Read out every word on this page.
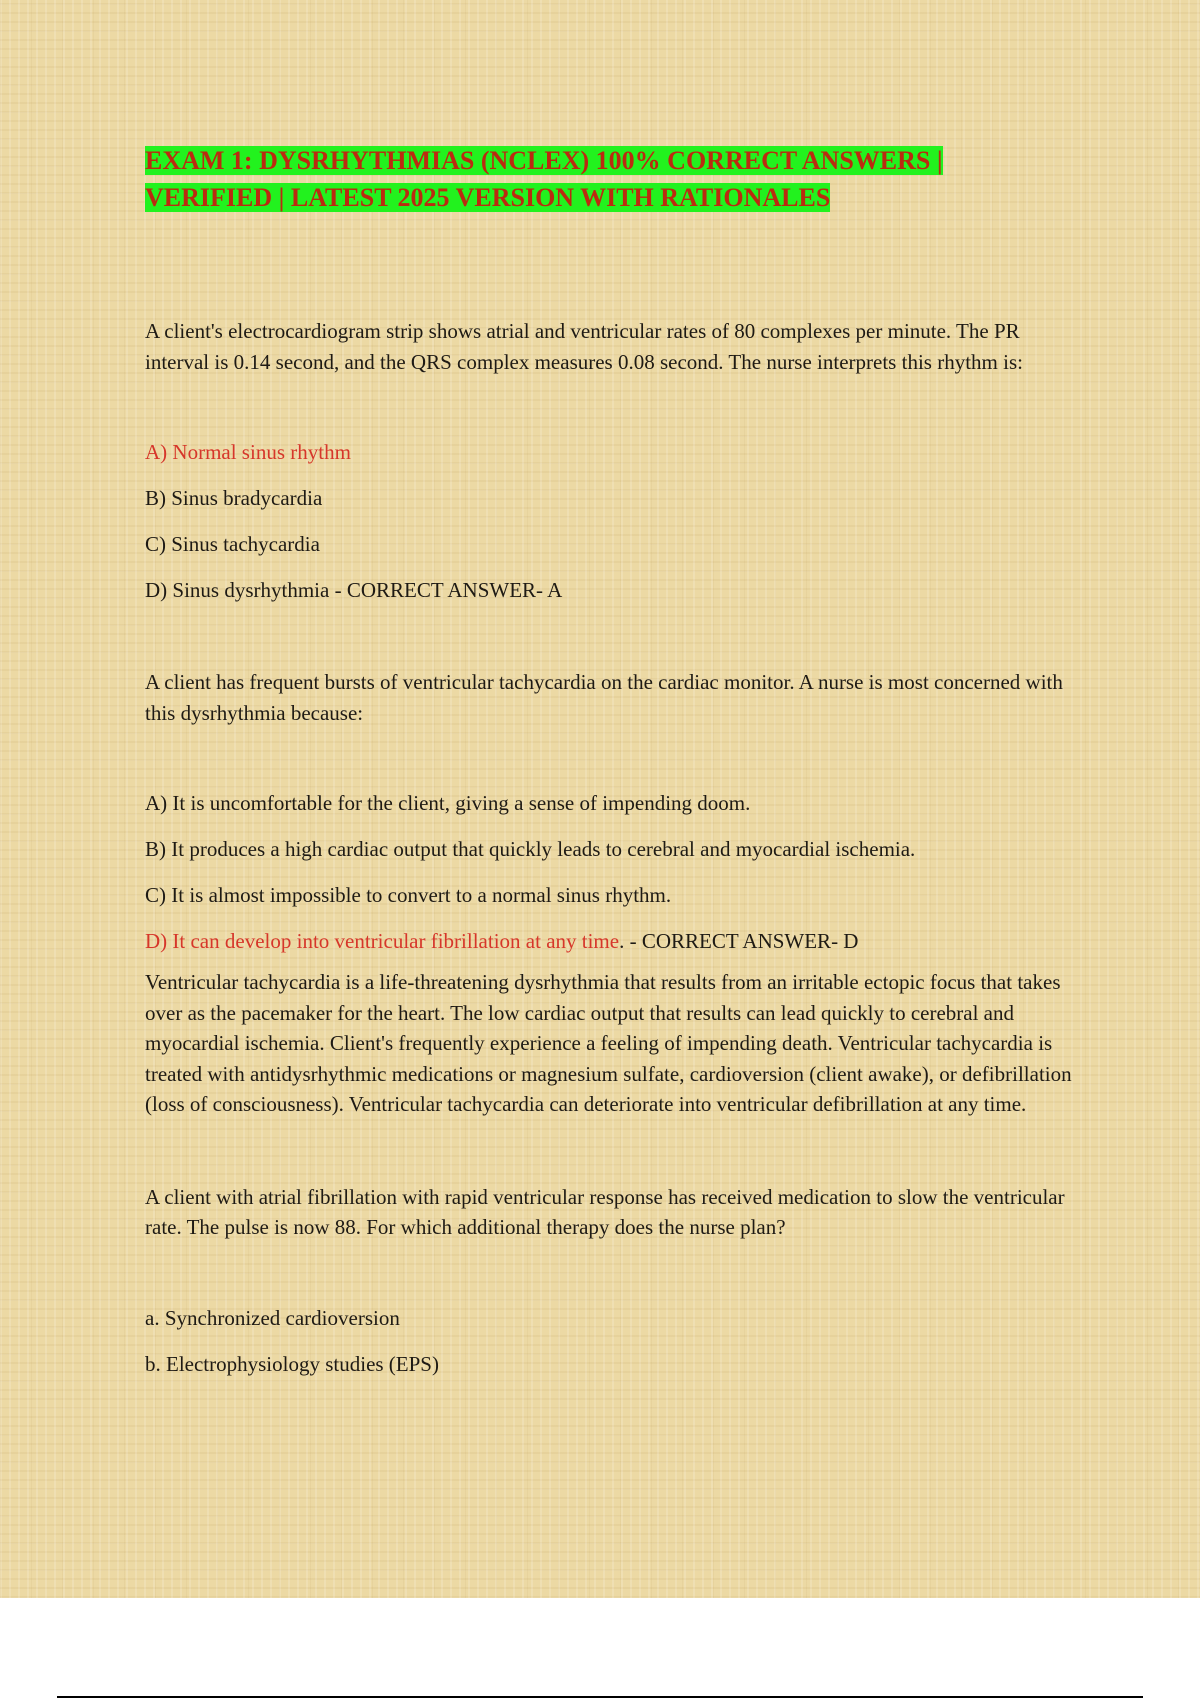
EXAM 1: DYSRHYTHMIAS (NCLEX) 100% CORRECT ANSWERS |
VERIFIED | LATEST 2025 VERSION WITH RATIONALES

A client's electrocardiogram strip shows atrial and ventricular rates of 80 complexes per minute. The PR interval is 0.14 second, and the QRS complex measures 0.08 second. The nurse interprets this rhythm is:

A) Normal sinus rhythm

B) Sinus bradycardia

C) Sinus tachycardia

D) Sinus dysrhythmia - CORRECT ANSWER- A

A client has frequent bursts of ventricular tachycardia on the cardiac monitor. A nurse is most concerned with this dysrhythmia because:

A) It is uncomfortable for the client, giving a sense of impending doom.

B) It produces a high cardiac output that quickly leads to cerebral and myocardial ischemia.

C) It is almost impossible to convert to a normal sinus rhythm.

D) It can develop into ventricular fibrillation at any time. - CORRECT ANSWER- D

Ventricular tachycardia is a life-threatening dysrhythmia that results from an irritable ectopic focus that takes over as the pacemaker for the heart. The low cardiac output that results can lead quickly to cerebral and myocardial ischemia. Client's frequently experience a feeling of impending death. Ventricular tachycardia is treated with antidysrhythmic medications or magnesium sulfate, cardioversion (client awake), or defibrillation (loss of consciousness). Ventricular tachycardia can deteriorate into ventricular defibrillation at any time.

A client with atrial fibrillation with rapid ventricular response has received medication to slow the ventricular rate. The pulse is now 88. For which additional therapy does the nurse plan?

a. Synchronized cardioversion

b. Electrophysiology studies (EPS)
